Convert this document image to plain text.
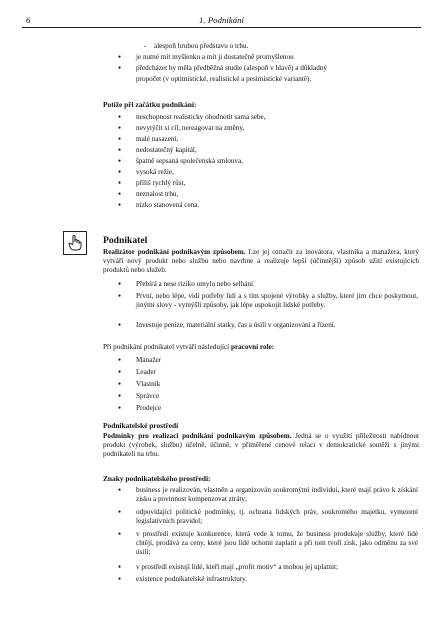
6	1. Podnikání
- alespoň hrubou představu o trhu.
● je nutné mít myšlenku a mít ji dostatečně promyšlenou
● předcházet by měla předběžná studie (alespoň v hlavě) a důkladný
propočet (v optimistické, realistické a pesimistické variantě).
Potíže při začátku podnikání:
● neschopnost realisticky ohodnotit sama sebe,
● nevytýčit si cíl, nereagovat na změny,
● malé nasazení,
● nedostatečný kapitál,
● špatně sepsaná společenská smlouva,
● vysoká režie,
● příliš rychlý růst,
● neznalost trhu,
● nízko stanovená cena.
Podnikatel
Realizátor podnikání podnikavým způsobem. Lze jej označit za inovátora, vlastníka a manažera, který vytváří nový produkt nebo službu nebo navrhne a realizuje lepší (účinnější) způsob užití existujících produktů nebo služeb.
● Přebírá a nese riziko omylu nebo selhání.
● První, nebo lépe, vidí potřeby lidí a s tím spojené výrobky a služby, které jim chce poskytnout, jinými slovy - vymýšlí způsoby, jak lépe uspokojit lidské potřeby.
● Investuje peníze, materiální statky, čas a úsilí v organizování a řízení.
Při podnikání podnikatel vytváří následující pracovní role:
● Manažer
● Leader
● Vlastník
● Správce
● Prodejce
Podnikatelské prostředí
Podmínky pro realizaci podnikání podnikavým způsobem. Jedná se o využití příležitosti nabídnout produkt (výrobek, službu) účelně, účinně, v přiměřené cenové relaci v demokratické soutěži s jinými podnikateli na trhu.
Znaky podnikatelského prostředí:
● business je realizován, vlastněn a organizován soukromými individui, které mají právo k získání zisku a povinnost kompenzovat ztráty;
● odpovídající politické podmínky, tj. ochrana lidských práv, soukromého majetku, vymezení legislativních pravidel;
● v prostředí existuje konkurence, která vede k tomu, že business produkuje služby, které lidé chtějí, prodává za ceny, které jsou lidé ochotni zaplatit a při tom tvoří zisk, jako odměnu za své úsilí;
● v prostředí existují lidé, kteří mají „profit motiv“ a mohou jej uplatnit;
● existence podnikatelské infrastruktury.
